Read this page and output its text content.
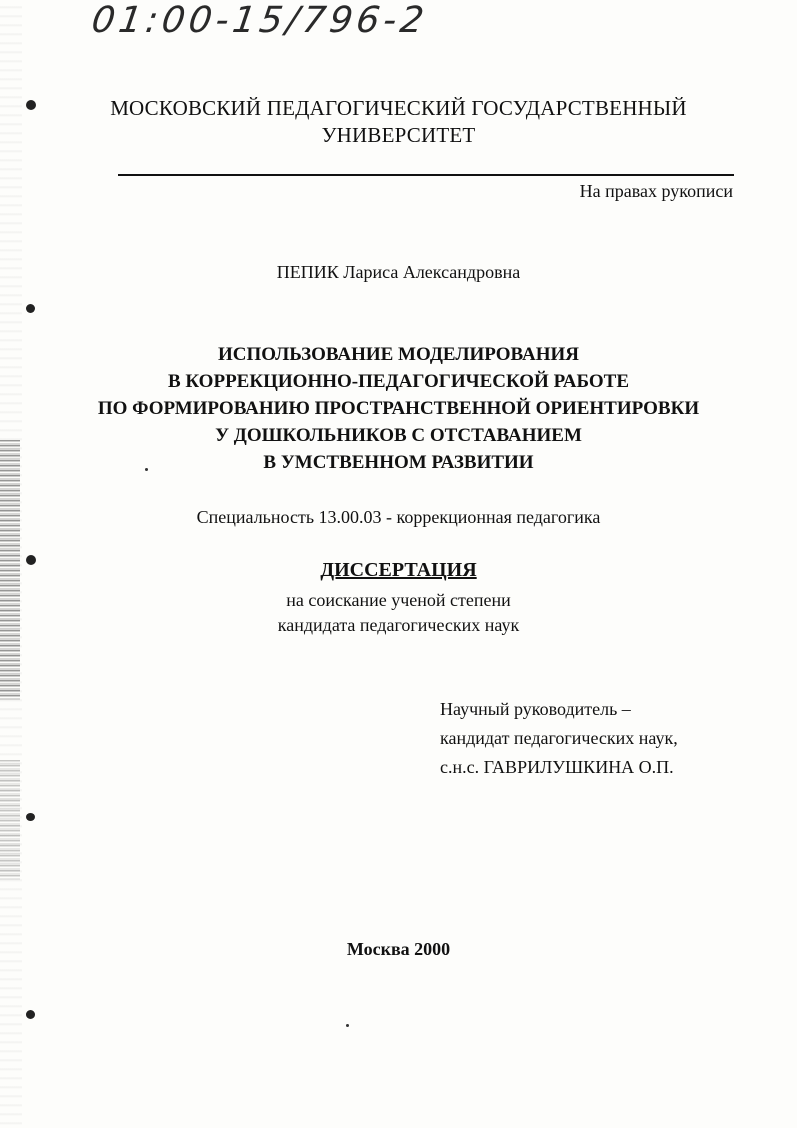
01:00-15/796-2
МОСКОВСКИЙ ПЕДАГОГИЧЕСКИЙ ГОСУДАРСТВЕННЫЙ
УНИВЕРСИТЕТ
На правах рукописи
ПЕПИК Лариса Александровна
ИСПОЛЬЗОВАНИЕ МОДЕЛИРОВАНИЯ
В КОРРЕКЦИОННО-ПЕДАГОГИЧЕСКОЙ РАБОТЕ
ПО ФОРМИРОВАНИЮ ПРОСТРАНСТВЕННОЙ ОРИЕНТИРОВКИ
У ДОШКОЛЬНИКОВ С ОТСТАВАНИЕМ
В УМСТВЕННОМ РАЗВИТИИ
Специальность 13.00.03 - коррекционная педагогика
ДИССЕРТАЦИЯ
на соискание ученой степени
кандидата педагогических наук
Научный руководитель –
кандидат педагогических наук,
с.н.с. ГАВРИЛУШКИНА О.П.
Москва 2000
